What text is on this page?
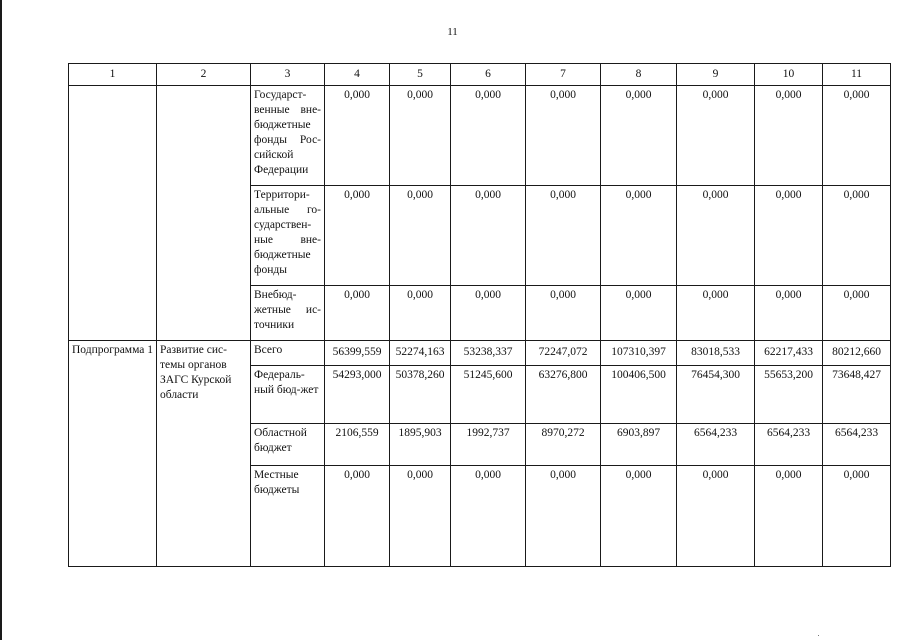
11
1	2	3	4	5	6	7	8	9	10	11
		Государст-венные вне-бюджетные фонды Рос-сийской Федерации	0,000	0,000	0,000	0,000	0,000	0,000	0,000	0,000
		Территори-альные го-сударствен-ные вне-бюджетные фонды	0,000	0,000	0,000	0,000	0,000	0,000	0,000	0,000
		Внебюд-жетные ис-точники	0,000	0,000	0,000	0,000	0,000	0,000	0,000	0,000
Подпрограмма 1	Развитие сис-темы органов ЗАГС Курской области	Всего	56399,559	52274,163	53238,337	72247,072	107310,397	83018,533	62217,433	80212,660
		Федераль-ный бюд-жет	54293,000	50378,260	51245,600	63276,800	100406,500	76454,300	55653,200	73648,427
		Областной бюджет	2106,559	1895,903	1992,737	8970,272	6903,897	6564,233	6564,233	6564,233
		Местные бюджеты	0,000	0,000	0,000	0,000	0,000	0,000	0,000	0,000
